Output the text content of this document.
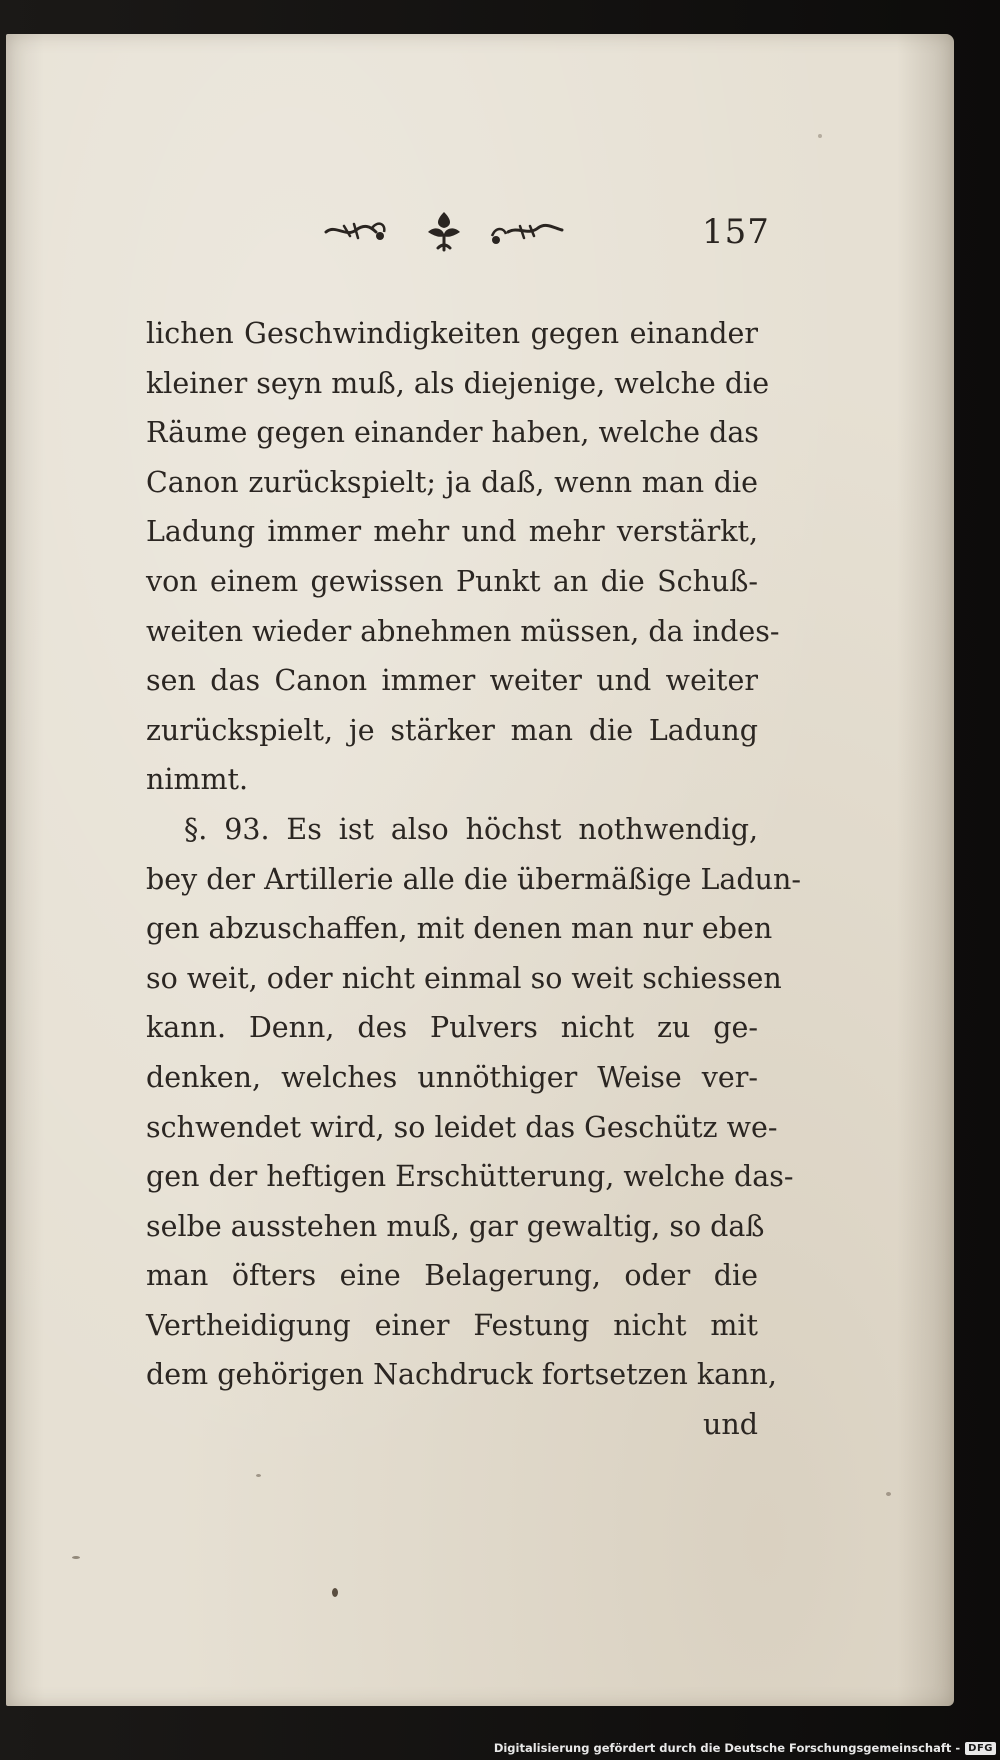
157
lichen Geschwindigkeiten gegen einander
kleiner seyn muß, als diejenige, welche die
Räume gegen einander haben, welche das
Canon zurückspielt; ja daß, wenn man die
Ladung immer mehr und mehr verstärkt,
von einem gewissen Punkt an die Schuß-
weiten wieder abnehmen müssen, da indes-
sen das Canon immer weiter und weiter
zurückspielt, je stärker man die Ladung
nimmt.
§. 93. Es ist also höchst nothwendig,
bey der Artillerie alle die übermäßige Ladun-
gen abzuschaffen, mit denen man nur eben
so weit, oder nicht einmal so weit schiessen
kann. Denn, des Pulvers nicht zu ge-
denken, welches unnöthiger Weise ver-
schwendet wird, so leidet das Geschütz we-
gen der heftigen Erschütterung, welche das-
selbe ausstehen muß, gar gewaltig, so daß
man öfters eine Belagerung, oder die
Vertheidigung einer Festung nicht mit
dem gehörigen Nachdruck fortsetzen kann,
und
Digitalisierung gefördert durch die Deutsche Forschungsgemeinschaft - DFG
